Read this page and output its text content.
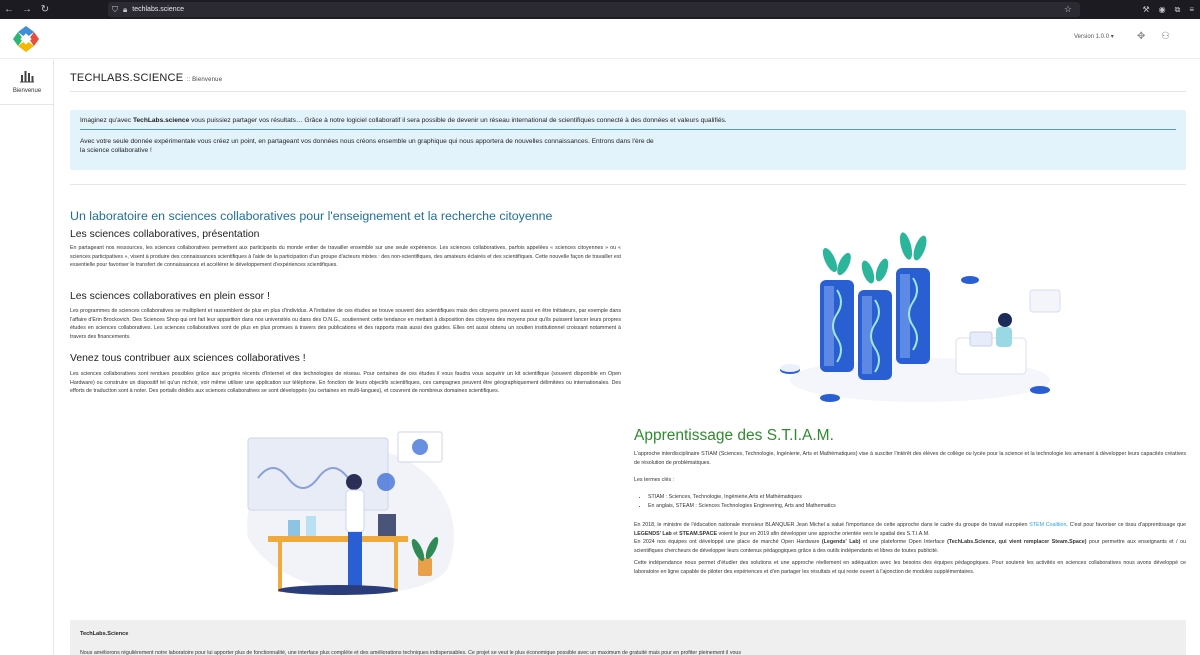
← → ↻	⛉ 🔒︎ techlabs.science	☆	⚒ ◉ ⧉ ≡
Version 1.0.0 ▾ ✥ ⚇
Bienvenue
TECHLABS.SCIENCE :: Bienvenue
Imaginez qu'avec TechLabs.science vous puissiez partager vos résultats… Grâce à notre logiciel collaboratif il sera possible de devenir un réseau international de scientifiques connecté à des données et valeurs qualifiés.
Avec votre seule donnée expérimentale vous créez un point, en partageant vos données nous créons ensemble un graphique qui nous apportera de nouvelles connaissances. Entrons dans l'ère de la science collaborative !
Un laboratoire en sciences collaboratives pour l'enseignement et la recherche citoyenne
Les sciences collaboratives, présentation
En partageant nos ressources, les sciences collaboratives permettent aux participants du monde entier de travailler ensemble sur une seule expérience. Les sciences collaboratives, parfois appelées « sciences citoyennes » ou « sciences participatives », visent à produire des connaissances scientifiques à l'aide de la participation d'un groupe d'acteurs mixtes : des non-scientifiques, des amateurs éclairés et des scientifiques. Cette nouvelle façon de travailler est essentielle pour favoriser le transfert de connaissances et accélérer le développement d'expériences scientifiques.
Les sciences collaboratives en plein essor !
Les programmes de sciences collaboratives se multiplient et rassemblent de plus en plus d'individus. A l'initiative de ces études se trouve souvent des scientifiques mais des citoyens peuvent aussi en être initiateurs, par exemple dans l'affaire d'Erin Brockovich. Des Sciences Shop qui ont fait leur apparition dans nos universités ou dans des O.N.G., soutiennent cette tendance en mettant à disposition des citoyens des moyens pour qu'ils puissent lancer leurs propres études en sciences collaboratives. Les sciences collaboratives sont de plus en plus promues à travers des publications et des rapports mais aussi des guides. Elles ont aussi obtenu un soutien institutionnel croissant notamment à travers des financements.
Venez tous contribuer aux sciences collaboratives !
Les sciences collaboratives sont rendues possibles grâce aux progrès récents d'Internet et des technologies de réseau. Pour certaines de ces études il vous faudra vous acquérir un kit scientifique (souvent disponible en Open Hardware) ou construire un dispositif tel qu'un nichoir, voir même utiliser une application sur téléphone. En fonction de leurs objectifs scientifiques, ces campagnes peuvent être géographiquement délimitées ou internationales. Des efforts de traduction sont à noter. Des portails dédiés aux sciences collaboratives se sont développés (ou certaines en multi-langues), et couvrent de nombreux domaines scientifiques.
Apprentissage des S.T.I.A.M.
L'approche interdisciplinaire STIAM (Sciences, Technologie, Ingénierie, Arts et Mathématiques) vise à susciter l'intérêt des élèves de collège ou lycée pour la science et la technologie les amenant à développer leurs capacités créatives de résolution de problématiques.
Les termes clés :
• STIAM : Sciences, Technologie, Ingénierie,Arts et Mathématiques
• En anglais, STEAM : Sciences Technologies Engineering, Arts and Mathematics
En 2018, le ministre de l'éducation nationale monsieur BLANQUER Jean Michel a salué l'importance de cette approche dans le cadre du groupe de travail européen STEM Coalition. C'est pour favoriser ce tissu d'apprentissage que LEGENDS' Lab et STEAM.SPACE voient le jour en 2019 afin développer une approche orientée vers le spatial des S.T.I.A.M.
En 2024 nos équipes ont développé une place de marché Open Hardware (Legends' Lab) et une plateforme Open Interface (TechLabs.Science, qui vient remplacer Steam.Space) pour permettre aux enseignants et / ou scientifiques chercheurs de développer leurs contenus pédagogiques grâce à des outils indépendants et libres de toutes publicité.
Cette indépendance nous permet d'étudier des solutions et une approche réellement en adéquation avec les besoins des équipes pédagogiques. Pour soutenir les activités en sciences collaboratives nous avons développé ce laboratoire en ligne capable de piloter des expériences et d'en partager les résultats et qui reste ouvert à l'ajonction de modules supplémentaires.
TechLabs.Science
Nous améliorons régulièrement notre laboratoire pour lui apporter plus de fonctionnalité, une interface plus complète et des améliorations techniques indispensables. Ce projet se veut le plus économique possible avec un maximum de gratuité mais pour en profiter pleinement il vous
